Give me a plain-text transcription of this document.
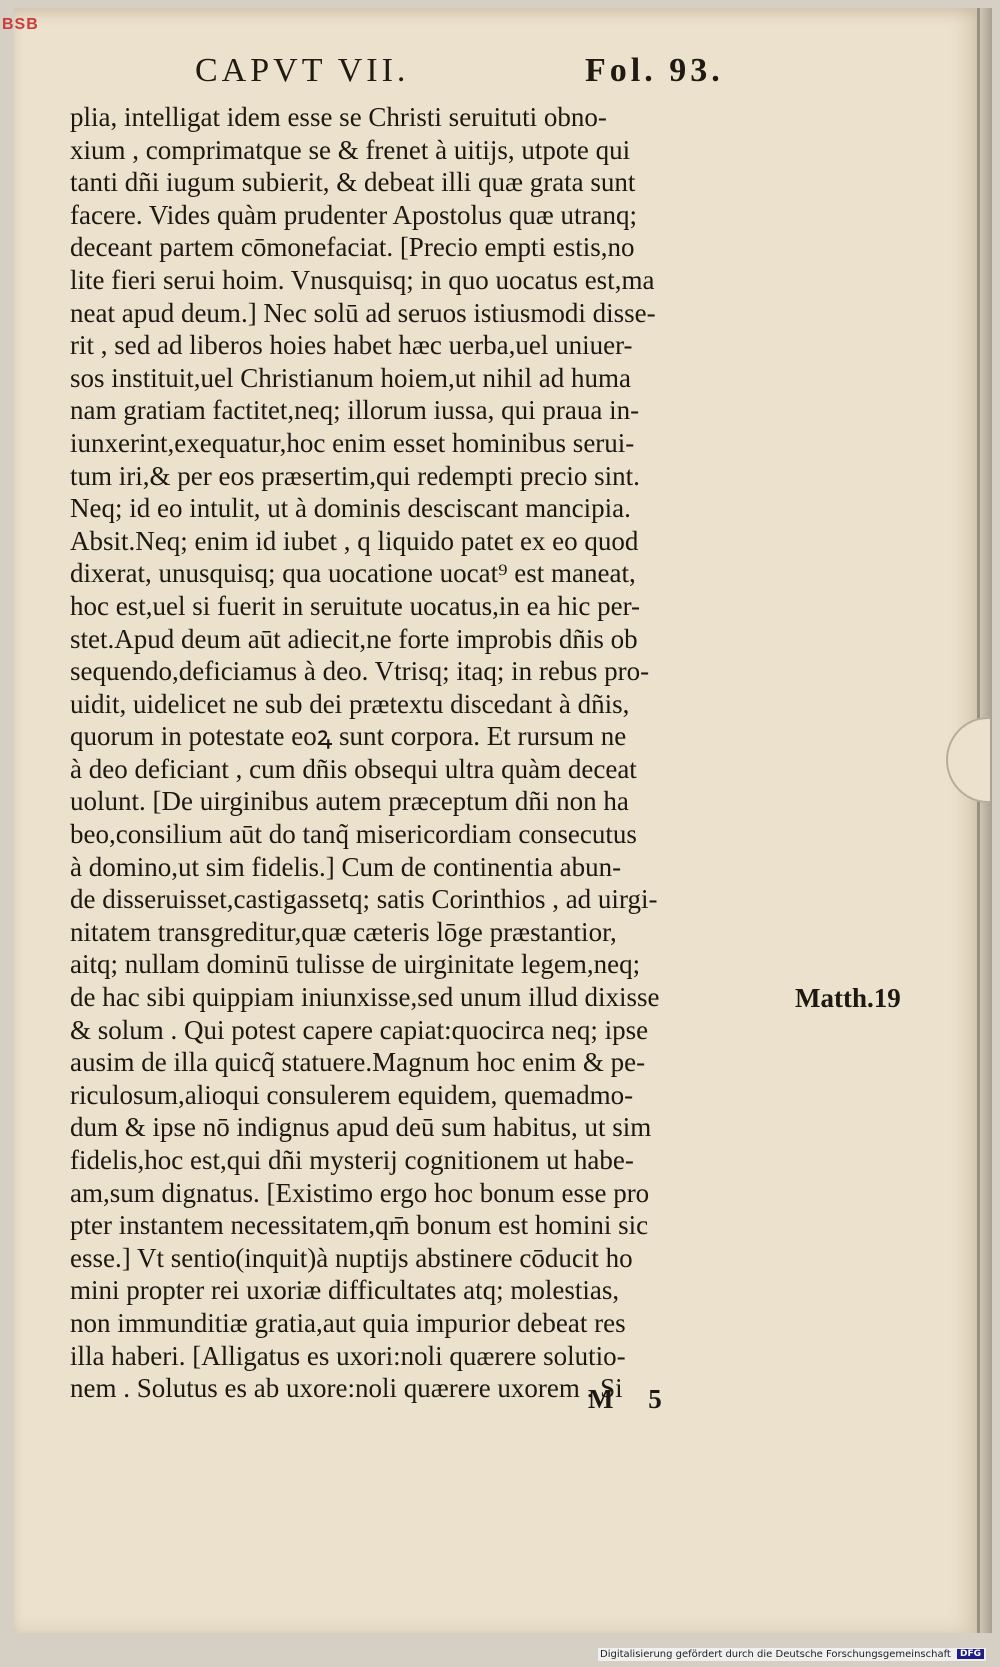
BSB
CAPVT VII.	Fol. 93.
plia, intelligat idem esse se Christi seruituti obno-
xium , comprimatque se & frenet à uitijs, utpote qui
tanti dñi iugum subierit, & debeat illi quæ grata sunt
facere. Vides quàm prudenter Apostolus quæ utranq;
deceant partem cōmonefaciat. [Precio empti estis,no
lite fieri serui hoim. Vnusquisq; in quo uocatus est,ma
neat apud deum.] Nec solū ad seruos istiusmodi disse-
rit , sed ad liberos hoies habet hæc uerba,uel uniuer-
sos instituit,uel Christianum hoiem,ut nihil ad huma
nam gratiam factitet,neq; illorum iussa, qui praua in-
iunxerint,exequatur,hoc enim esset hominibus serui-
tum iri,& per eos præsertim,qui redempti precio sint.
Neq; id eo intulit, ut à dominis desciscant mancipia.
Absit.Neq; enim id iubet , q liquido patet ex eo quod
dixerat, unusquisq; qua uocatione uocat⁹ est maneat,
hoc est,uel si fuerit in seruitute uocatus,in ea hic per-
stet.Apud deum aūt adiecit,ne forte improbis dñis ob
sequendo,deficiamus à deo. Vtrisq; itaq; in rebus pro-
uidit, uidelicet ne sub dei prætextu discedant à dñis,
quorum in potestate eoꝝ sunt corpora. Et rursum ne
à deo deficiant , cum dñis obsequi ultra quàm deceat
uolunt. [De uirginibus autem præceptum dñi non ha
beo,consilium aūt do tanq̃ misericordiam consecutus
à domino,ut sim fidelis.] Cum de continentia abun-
de disseruisset,castigassetq; satis Corinthios , ad uirgi-
nitatem transgreditur,quæ cæteris lōge præstantior,
aitq; nullam dominū tulisse de uirginitate legem,neq;
de hac sibi quippiam iniunxisse,sed unum illud dixisse
& solum . Qui potest capere capiat:quocirca neq; ipse
ausim de illa quicq̃ statuere.Magnum hoc enim & pe-
riculosum,alioqui consulerem equidem, quemadmo-
dum & ipse nō indignus apud deū sum habitus, ut sim
fidelis,hoc est,qui dñi mysterij cognitionem ut habe-
am,sum dignatus. [Existimo ergo hoc bonum esse pro
pter instantem necessitatem,qm̄ bonum est homini sic
esse.] Vt sentio(inquit)à nuptijs abstinere cōducit ho
mini propter rei uxoriæ difficultates atq; molestias,
non immunditiæ gratia,aut quia impurior debeat res
illa haberi. [Alligatus es uxori:noli quærere solutio-
nem . Solutus es ab uxore:noli quærere uxorem . Si
Matth.19
M 5
Digitalisierung gefördert durch die Deutsche Forschungsgemeinschaft DFG
